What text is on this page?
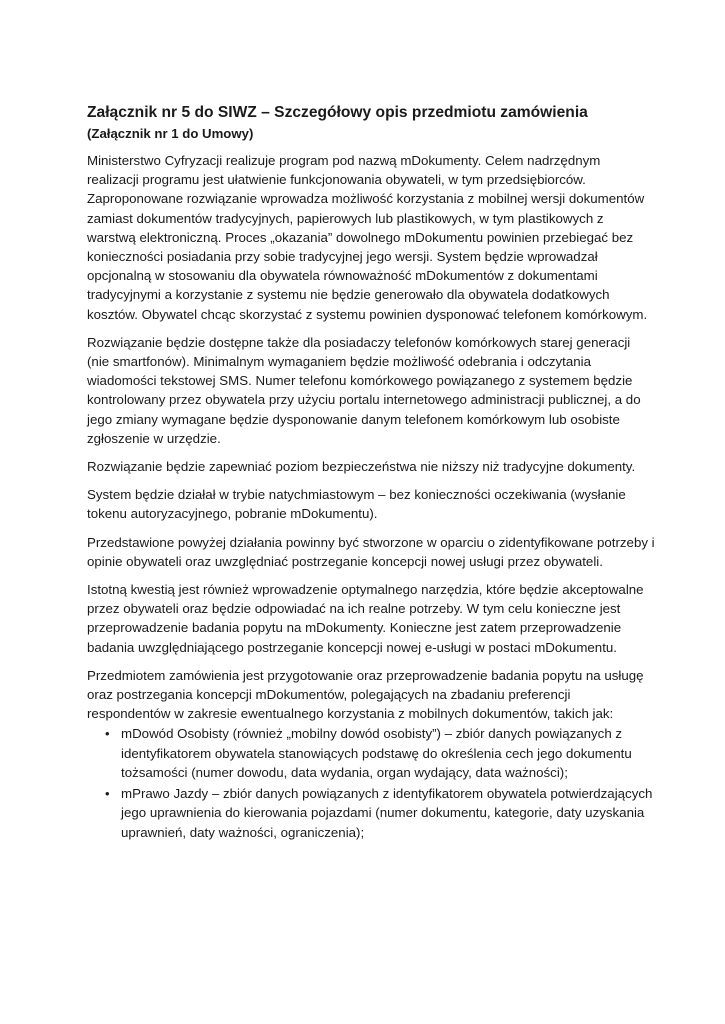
Załącznik nr 5 do SIWZ – Szczegółowy opis przedmiotu zamówienia
(Załącznik nr 1 do Umowy)

Ministerstwo Cyfryzacji realizuje program pod nazwą mDokumenty. Celem nadrzędnym realizacji programu jest ułatwienie funkcjonowania obywateli, w tym przedsiębiorców. Zaproponowane rozwiązanie wprowadza możliwość korzystania z mobilnej wersji dokumentów zamiast dokumentów tradycyjnych, papierowych lub plastikowych, w tym plastikowych z warstwą elektroniczną. Proces „okazania” dowolnego mDokumentu powinien przebiegać bez konieczności posiadania przy sobie tradycyjnej jego wersji. System będzie wprowadzał opcjonalną w stosowaniu dla obywatela równoważność mDokumentów z dokumentami tradycyjnymi a korzystanie z systemu nie będzie generowało dla obywatela dodatkowych kosztów. Obywatel chcąc skorzystać z systemu powinien dysponować telefonem komórkowym.

Rozwiązanie będzie dostępne także dla posiadaczy telefonów komórkowych starej generacji (nie smartfonów). Minimalnym wymaganiem będzie możliwość odebrania i odczytania wiadomości tekstowej SMS. Numer telefonu komórkowego powiązanego z systemem będzie kontrolowany przez obywatela przy użyciu portalu internetowego administracji publicznej, a do jego zmiany wymagane będzie dysponowanie danym telefonem komórkowym lub osobiste zgłoszenie w urzędzie.

Rozwiązanie będzie zapewniać poziom bezpieczeństwa nie niższy niż tradycyjne dokumenty.

System będzie działał w trybie natychmiastowym – bez konieczności oczekiwania (wysłanie tokenu autoryzacyjnego, pobranie mDokumentu).

Przedstawione powyżej działania powinny być stworzone w oparciu o zidentyfikowane potrzeby i opinie obywateli oraz uwzględniać postrzeganie koncepcji nowej usługi przez obywateli.

Istotną kwestią jest również wprowadzenie optymalnego narzędzia, które będzie akceptowalne przez obywateli oraz będzie odpowiadać na ich realne potrzeby. W tym celu konieczne jest przeprowadzenie badania popytu na mDokumenty. Konieczne jest zatem przeprowadzenie badania uwzględniającego postrzeganie koncepcji nowej e-usługi w postaci mDokumentu.

Przedmiotem zamówienia jest przygotowanie oraz przeprowadzenie badania popytu na usługę oraz postrzegania koncepcji mDokumentów, polegających na zbadaniu preferencji respondentów w zakresie ewentualnego korzystania z mobilnych dokumentów, takich jak:

• mDowód Osobisty (również „mobilny dowód osobisty”) – zbiór danych powiązanych z identyfikatorem obywatela stanowiących podstawę do określenia cech jego dokumentu tożsamości (numer dowodu, data wydania, organ wydający, data ważności);
• mPrawo Jazdy – zbiór danych powiązanych z identyfikatorem obywatela potwierdzających jego uprawnienia do kierowania pojazdami (numer dokumentu, kategorie, daty uzyskania uprawnień, daty ważności, ograniczenia);
